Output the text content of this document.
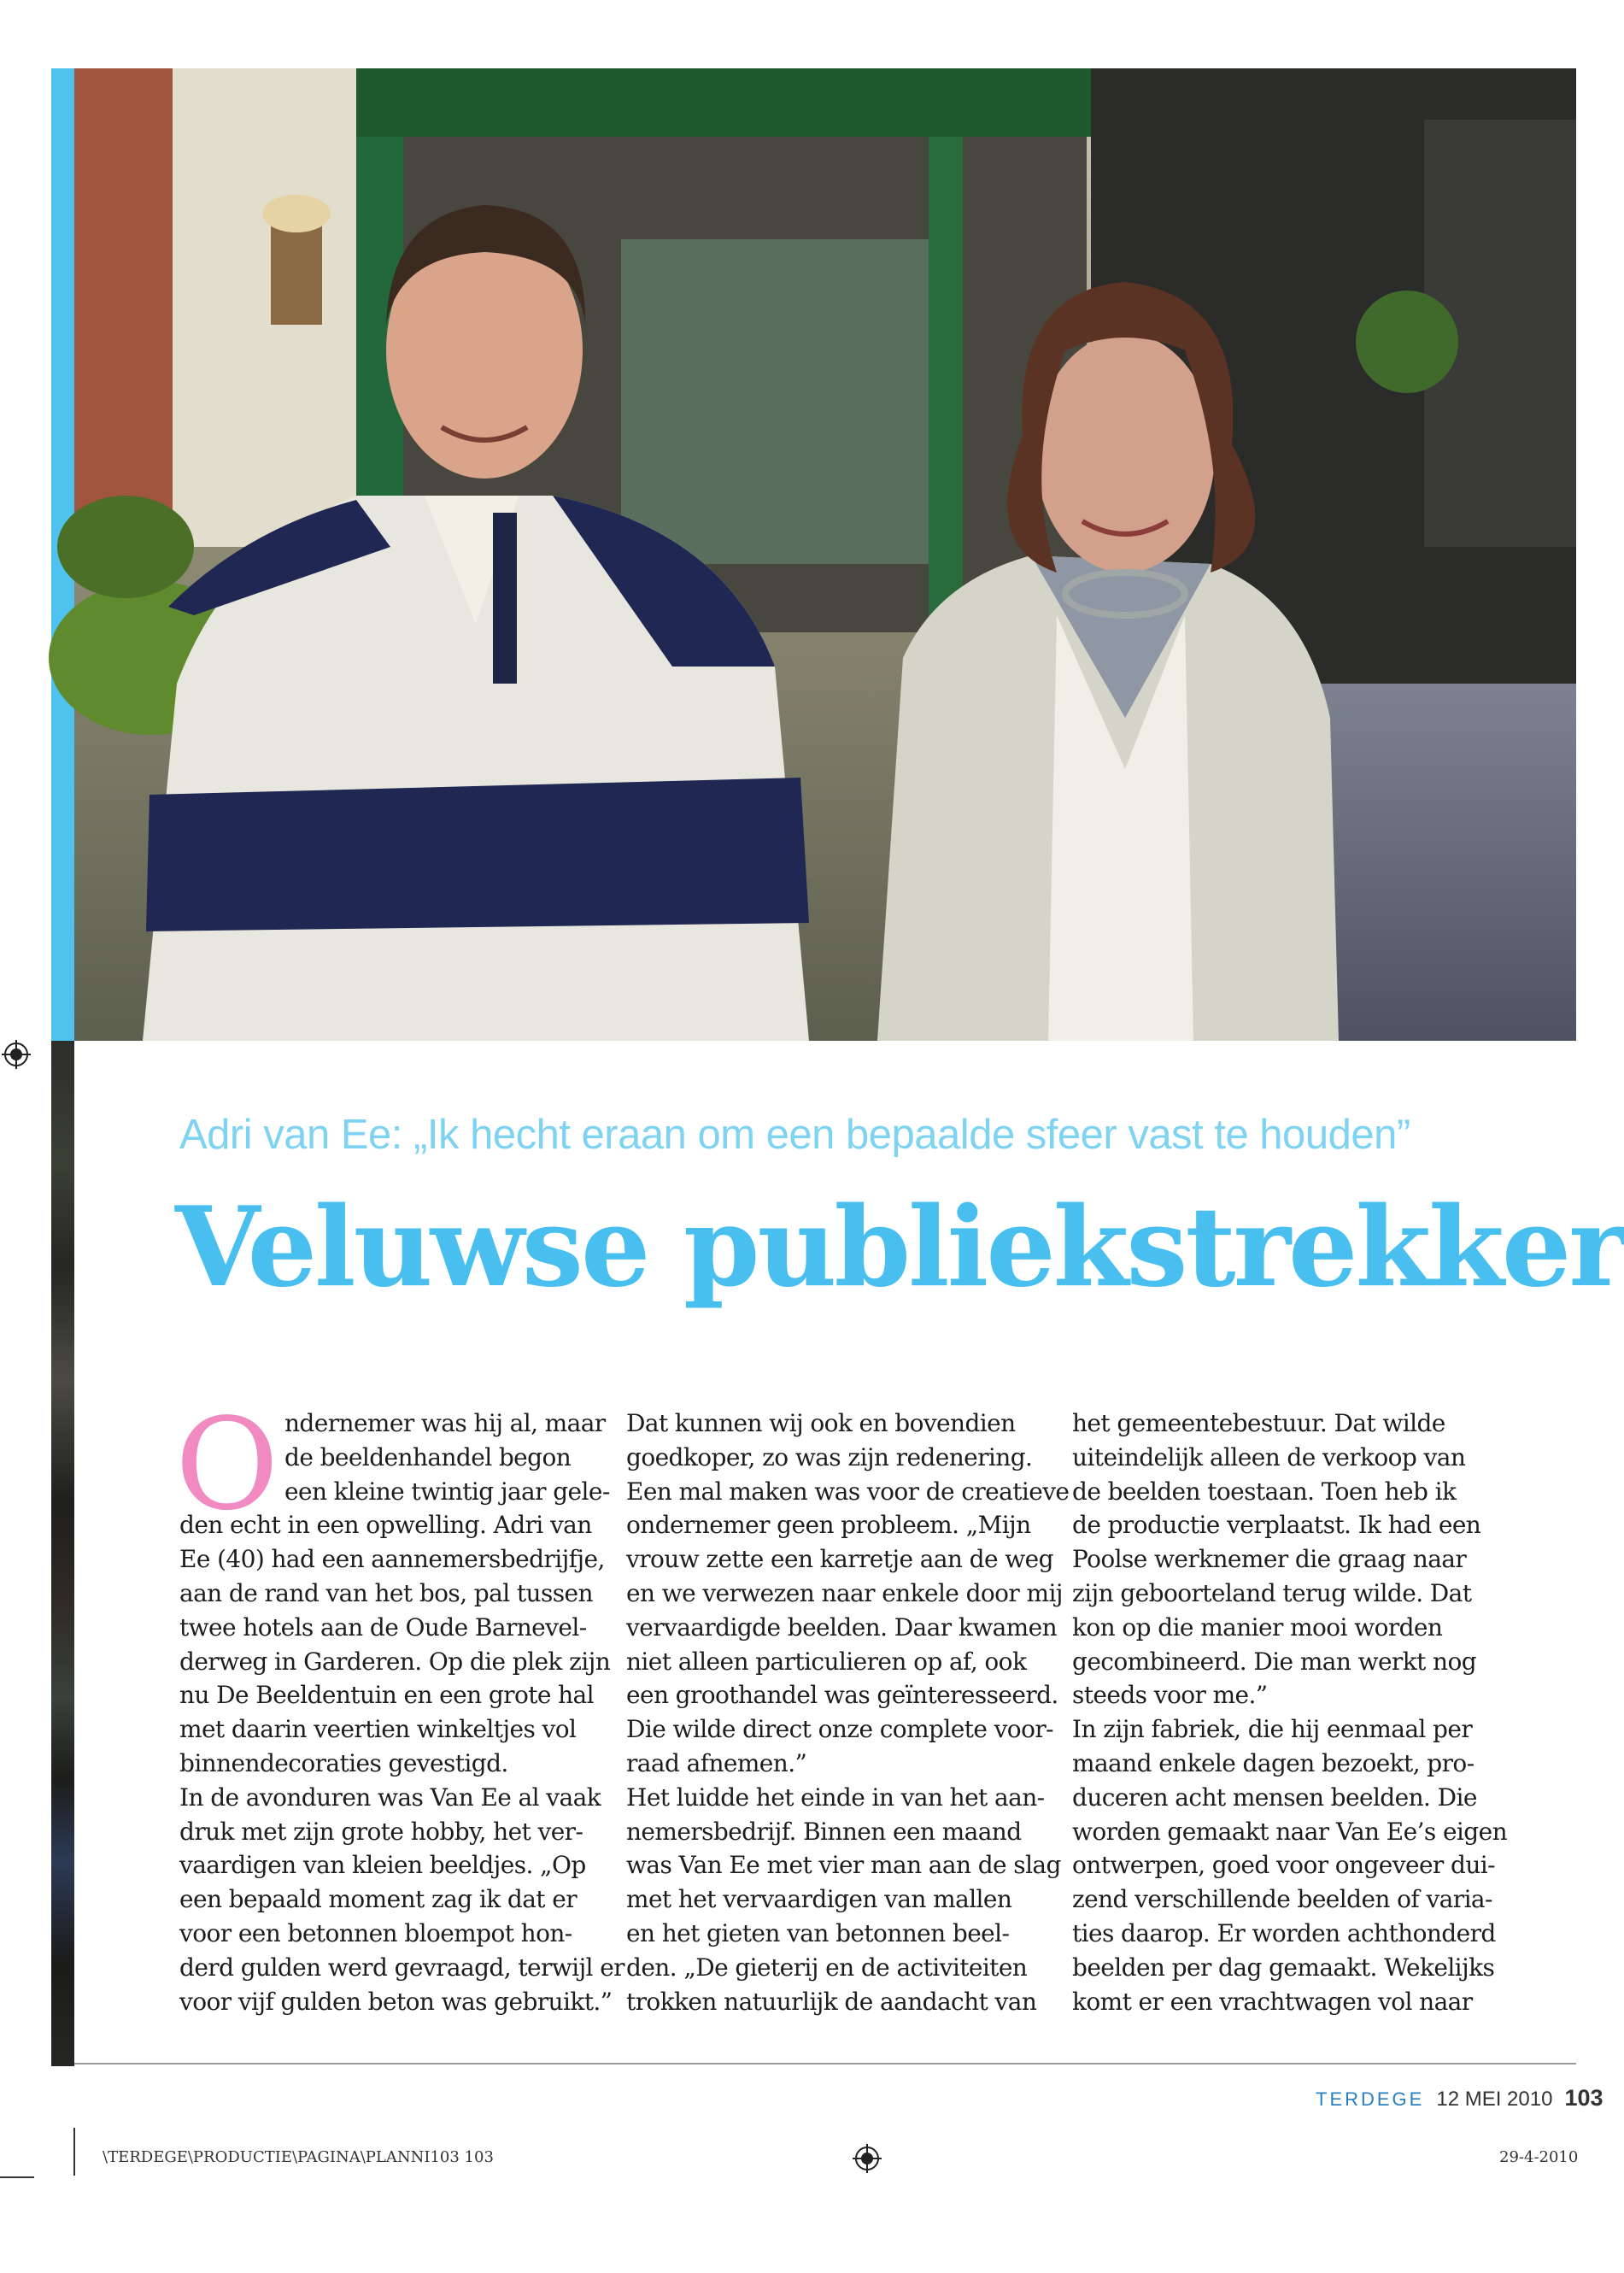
Adri van Ee: „Ik hecht eraan om een bepaalde sfeer vast te houden”
Veluwse publiekstrekker
O ndernemer was hij al, maar
de beeldenhandel begon
een kleine twintig jaar gele-
den echt in een opwelling. Adri van
Ee (40) had een aannemersbedrijfje,
aan de rand van het bos, pal tussen
twee hotels aan de Oude Barnevel-
derweg in Garderen. Op die plek zijn
nu De Beeldentuin en een grote hal
met daarin veertien winkeltjes vol
binnendecoraties gevestigd.
In de avonduren was Van Ee al vaak
druk met zijn grote hobby, het ver-
vaardigen van kleien beeldjes. „Op
een bepaald moment zag ik dat er
voor een betonnen bloempot hon-
derd gulden werd gevraagd, terwijl er
voor vijf gulden beton was gebruikt.”
Dat kunnen wij ook en bovendien
goedkoper, zo was zijn redenering.
Een mal maken was voor de creatieve
ondernemer geen probleem. „Mijn
vrouw zette een karretje aan de weg
en we verwezen naar enkele door mij
vervaardigde beelden. Daar kwamen
niet alleen particulieren op af, ook
een groothandel was geïnteresseerd.
Die wilde direct onze complete voor-
raad afnemen.”
Het luidde het einde in van het aan-
nemersbedrijf. Binnen een maand
was Van Ee met vier man aan de slag
met het vervaardigen van mallen
en het gieten van betonnen beel-
den. „De gieterij en de activiteiten
trokken natuurlijk de aandacht van
het gemeentebestuur. Dat wilde
uiteindelijk alleen de verkoop van
de beelden toestaan. Toen heb ik
de productie verplaatst. Ik had een
Poolse werknemer die graag naar
zijn geboorteland terug wilde. Dat
kon op die manier mooi worden
gecombineerd. Die man werkt nog
steeds voor me.”
In zijn fabriek, die hij eenmaal per
maand enkele dagen bezoekt, pro-
duceren acht mensen beelden. Die
worden gemaakt naar Van Ee’s eigen
ontwerpen, goed voor ongeveer dui-
zend verschillende beelden of varia-
ties daarop. Er worden achthonderd
beelden per dag gemaakt. Wekelijks
komt er een vrachtwagen vol naar
TERDEGE 12 MEI 2010 103
\TERDEGE\PRODUCTIE\PAGINA\PLANNI103 103	29-4-2010
